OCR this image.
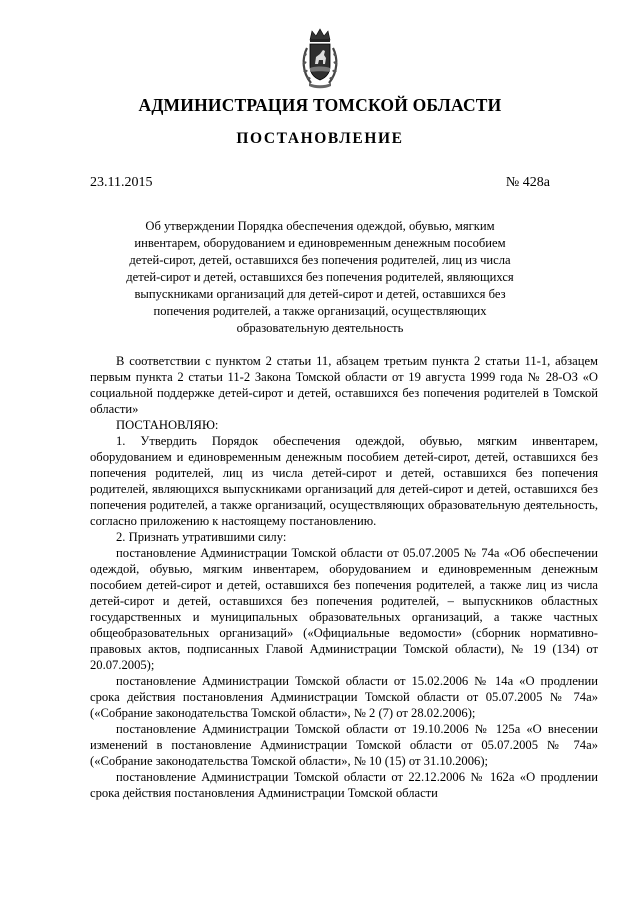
АДМИНИСТРАЦИЯ ТОМСКОЙ ОБЛАСТИ
ПОСТАНОВЛЕНИЕ
23.11.2015	№ 428а
Об утверждении Порядка обеспечения одеждой, обувью, мягким инвентарем, оборудованием и единовременным денежным пособием детей-сирот, детей, оставшихся без попечения родителей, лиц из числа детей-сирот и детей, оставшихся без попечения родителей, являющихся выпускниками организаций для детей-сирот и детей, оставшихся без попечения родителей, а также организаций, осуществляющих образовательную деятельность

В соответствии с пунктом 2 статьи 11, абзацем третьим пункта 2 статьи 11-1, абзацем первым пункта 2 статьи 11-2 Закона Томской области от 19 августа 1999 года № 28-ОЗ «О социальной поддержке детей-сирот и детей, оставшихся без попечения родителей в Томской области»

ПОСТАНОВЛЯЮ:

1. Утвердить Порядок обеспечения одеждой, обувью, мягким инвентарем, оборудованием и единовременным денежным пособием детей-сирот, детей, оставшихся без попечения родителей, лиц из числа детей-сирот и детей, оставшихся без попечения родителей, являющихся выпускниками организаций для детей-сирот и детей, оставшихся без попечения родителей, а также организаций, осуществляющих образовательную деятельность, согласно приложению к настоящему постановлению.

2. Признать утратившими силу:

постановление Администрации Томской области от 05.07.2005 № 74а «Об обеспечении одеждой, обувью, мягким инвентарем, оборудованием и единовременным денежным пособием детей-сирот и детей, оставшихся без попечения родителей, а также лиц из числа детей-сирот и детей, оставшихся без попечения родителей, – выпускников областных государственных и муниципальных образовательных организаций, а также частных общеобразовательных организаций» («Официальные ведомости» (сборник нормативно-правовых актов, подписанных Главой Администрации Томской области), № 19 (134) от 20.07.2005);

постановление Администрации Томской области от 15.02.2006 № 14а «О продлении срока действия постановления Администрации Томской области от 05.07.2005 № 74а» («Собрание законодательства Томской области», № 2 (7) от 28.02.2006);

постановление Администрации Томской области от 19.10.2006 № 125а «О внесении изменений в постановление Администрации Томской области от 05.07.2005 № 74а» («Собрание законодательства Томской области», № 10 (15) от 31.10.2006);

постановление Администрации Томской области от 22.12.2006 № 162а «О продлении срока действия постановления Администрации Томской области
